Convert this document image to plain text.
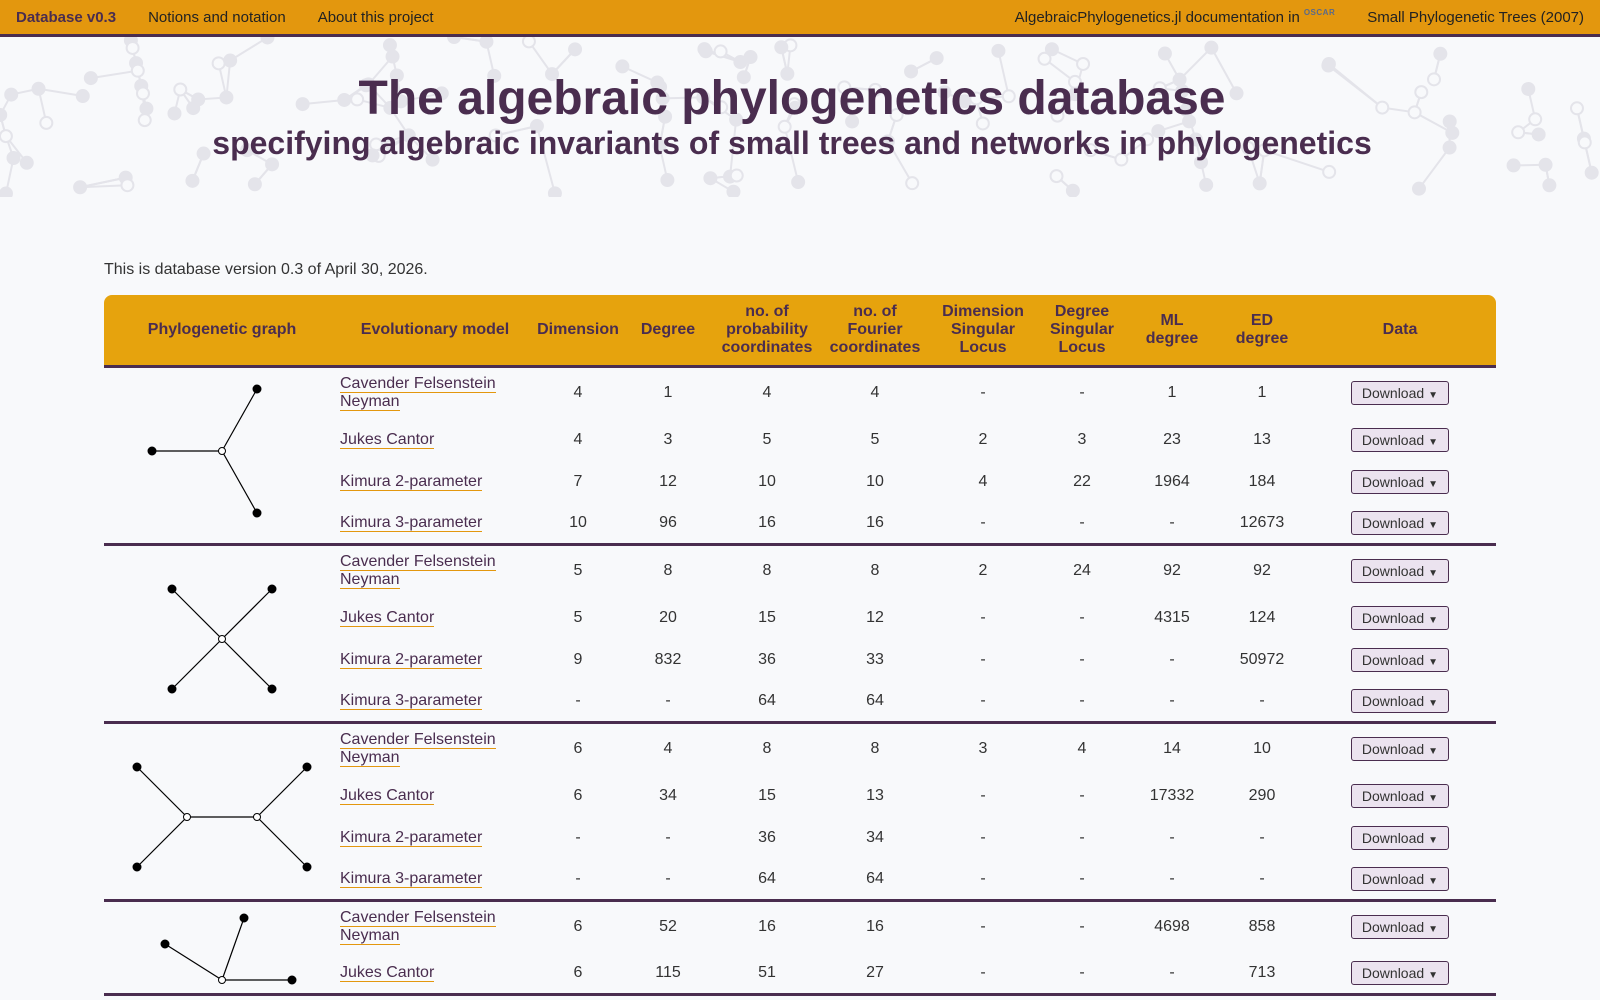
Database v0.3 Notions and notation About this project	AlgebraicPhylogenetics.jl documentation in OSCAR
Small Phylogenetic Trees (2007)
The algebraic phylogenetics database
specifying algebraic invariants of small trees and networks in phylogenetics
This is database version 0.3 of April 30, 2026.
Phylogenetic graph	Evolutionary model	Dimension	Degree	no. of
probability
coordinates	no. of
Fourier
coordinates	Dimension
Singular
Locus	Degree
Singular
Locus	ML
degree	ED
degree	Data

	Cavender Felsenstein
Neyman	4	1	4	4	-	-	1	1	Download ▼
	Jukes Cantor	4	3	5	5	2	3	23	13	Download ▼
	Kimura 2-parameter	7	12	10	10	4	22	1964	184	Download ▼
	Kimura 3-parameter	10	96	16	16	-	-	-	12673	Download ▼

	Cavender Felsenstein
Neyman	5	8	8	8	2	24	92	92	Download ▼
	Jukes Cantor	5	20	15	12	-	-	4315	124	Download ▼
	Kimura 2-parameter	9	832	36	33	-	-	-	50972	Download ▼
	Kimura 3-parameter	-	-	64	64	-	-	-	-	Download ▼

	Cavender Felsenstein
Neyman	6	4	8	8	3	4	14	10	Download ▼
	Jukes Cantor	6	34	15	13	-	-	17332	290	Download ▼
	Kimura 2-parameter	-	-	36	34	-	-	-	-	Download ▼
	Kimura 3-parameter	-	-	64	64	-	-	-	-	Download ▼

	Cavender Felsenstein
Neyman	6	52	16	16	-	-	4698	858	Download ▼
	Jukes Cantor	6	115	51	27	-	-	-	713	Download ▼
